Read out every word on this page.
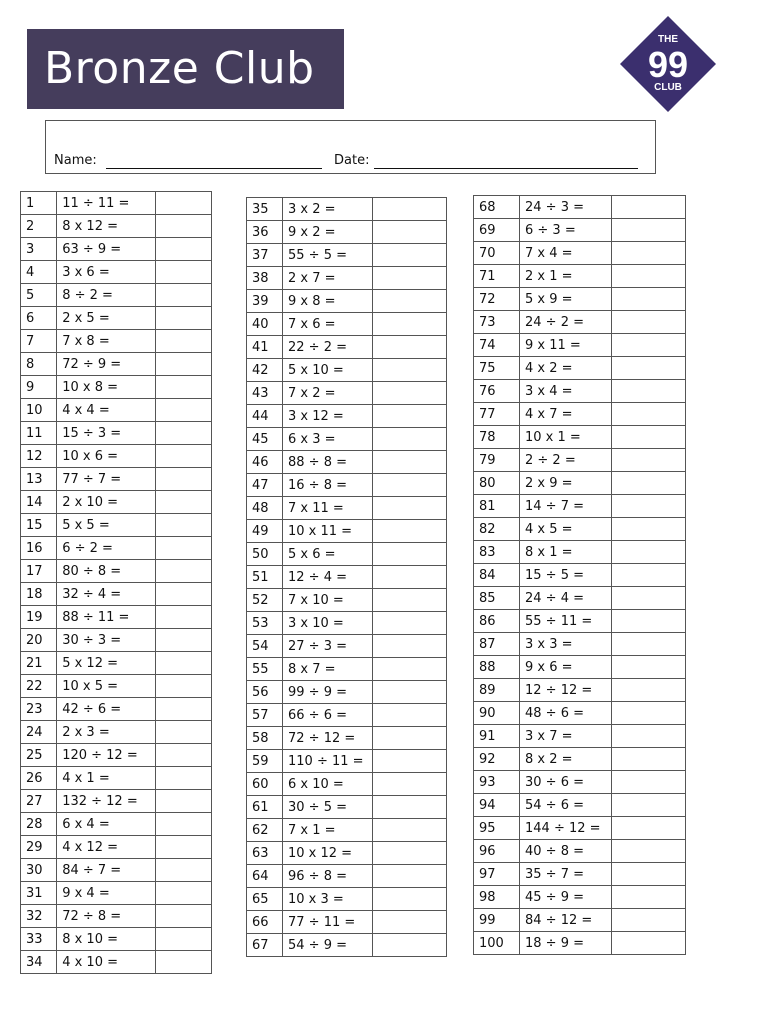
Bronze Club
THE
99
CLUB
Name:	Date:
1	11 ÷ 11 =	
2	8 x 12 =	
3	63 ÷ 9 =	
4	3 x 6 =	
5	8 ÷ 2 =	
6	2 x 5 =	
7	7 x 8 =	
8	72 ÷ 9 =	
9	10 x 8 =	
10	4 x 4 =	
11	15 ÷ 3 =	
12	10 x 6 =	
13	77 ÷ 7 =	
14	2 x 10 =	
15	5 x 5 =	
16	6 ÷ 2 =	
17	80 ÷ 8 =	
18	32 ÷ 4 =	
19	88 ÷ 11 =	
20	30 ÷ 3 =	
21	5 x 12 =	
22	10 x 5 =	
23	42 ÷ 6 =	
24	2 x 3 =	
25	120 ÷ 12 =	
26	4 x 1 =	
27	132 ÷ 12 =	
28	6 x 4 =	
29	4 x 12 =	
30	84 ÷ 7 =	
31	9 x 4 =	
32	72 ÷ 8 =	
33	8 x 10 =	
34	4 x 10 =	
35	3 x 2 =	
36	9 x 2 =	
37	55 ÷ 5 =	
38	2 x 7 =	
39	9 x 8 =	
40	7 x 6 =	
41	22 ÷ 2 =	
42	5 x 10 =	
43	7 x 2 =	
44	3 x 12 =	
45	6 x 3 =	
46	88 ÷ 8 =	
47	16 ÷ 8 =	
48	7 x 11 =	
49	10 x 11 =	
50	5 x 6 =	
51	12 ÷ 4 =	
52	7 x 10 =	
53	3 x 10 =	
54	27 ÷ 3 =	
55	8 x 7 =	
56	99 ÷ 9 =	
57	66 ÷ 6 =	
58	72 ÷ 12 =	
59	110 ÷ 11 =	
60	6 x 10 =	
61	30 ÷ 5 =	
62	7 x 1 =	
63	10 x 12 =	
64	96 ÷ 8 =	
65	10 x 3 =	
66	77 ÷ 11 =	
67	54 ÷ 9 =	
68	24 ÷ 3 =	
69	6 ÷ 3 =	
70	7 x 4 =	
71	2 x 1 =	
72	5 x 9 =	
73	24 ÷ 2 =	
74	9 x 11 =	
75	4 x 2 =	
76	3 x 4 =	
77	4 x 7 =	
78	10 x 1 =	
79	2 ÷ 2 =	
80	2 x 9 =	
81	14 ÷ 7 =	
82	4 x 5 =	
83	8 x 1 =	
84	15 ÷ 5 =	
85	24 ÷ 4 =	
86	55 ÷ 11 =	
87	3 x 3 =	
88	9 x 6 =	
89	12 ÷ 12 =	
90	48 ÷ 6 =	
91	3 x 7 =	
92	8 x 2 =	
93	30 ÷ 6 =	
94	54 ÷ 6 =	
95	144 ÷ 12 =	
96	40 ÷ 8 =	
97	35 ÷ 7 =	
98	45 ÷ 9 =	
99	84 ÷ 12 =	
100	18 ÷ 9 =	
